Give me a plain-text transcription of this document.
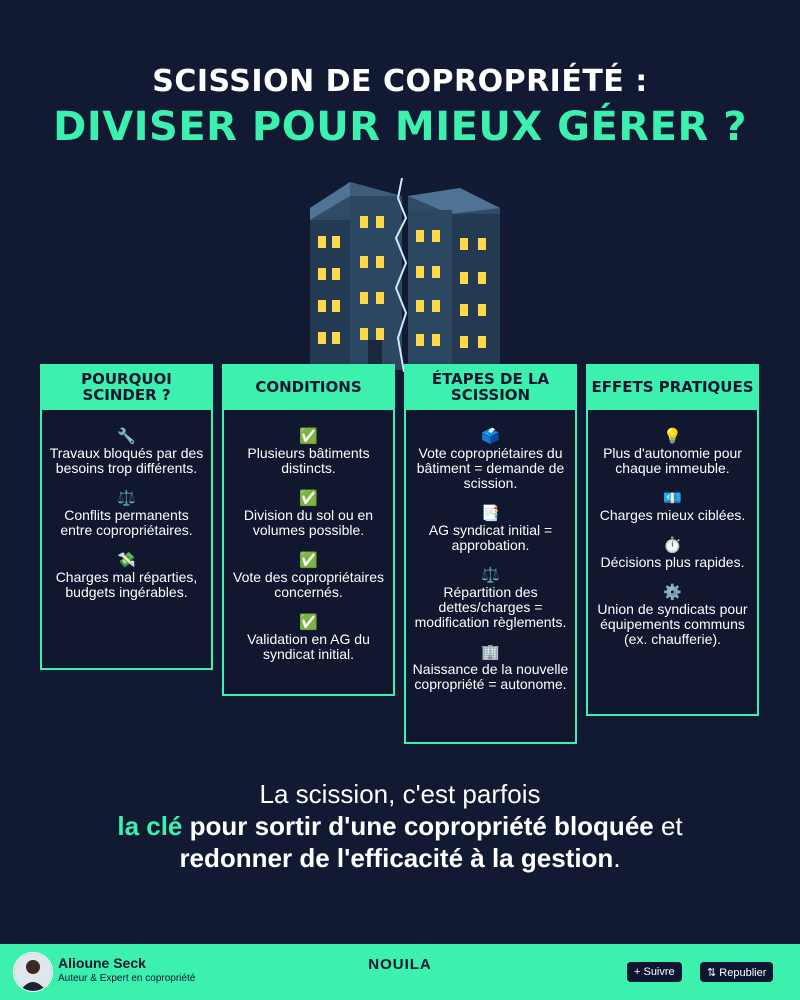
SCISSION DE COPROPRIÉTÉ :
DIVISER POUR MIEUX GÉRER ?
POURQUOI SCINDER ?
🔧
Travaux bloqués par des besoins trop différents.
⚖️
Conflits permanents entre copropriétaires.
💸
Charges mal réparties, budgets ingérables.
CONDITIONS
✅
Plusieurs bâtiments distincts.
✅
Division du sol ou en volumes possible.
✅
Vote des copropriétaires concernés.
✅
Validation en AG du syndicat initial.
ÉTAPES DE LA SCISSION
🗳️
Vote copropriétaires du bâtiment = demande de scission.
📑
AG syndicat initial = approbation.
⚖️
Répartition des dettes/charges = modification règlements.
🏢
Naissance de la nouvelle copropriété = autonome.
EFFETS PRATIQUES
💡
Plus d'autonomie pour chaque immeuble.
💶
Charges mieux ciblées.
⏱️
Décisions plus rapides.
⚙️
Union de syndicats pour équipements communs (ex. chaufferie).
La scission, c'est parfois
la clé pour sortir d'une copropriété bloquée et
redonner de l'efficacité à la gestion.
Alioune Seck
Auteur & Expert en copropriété
NOUILA	+ Suivre	⇅ Republier
